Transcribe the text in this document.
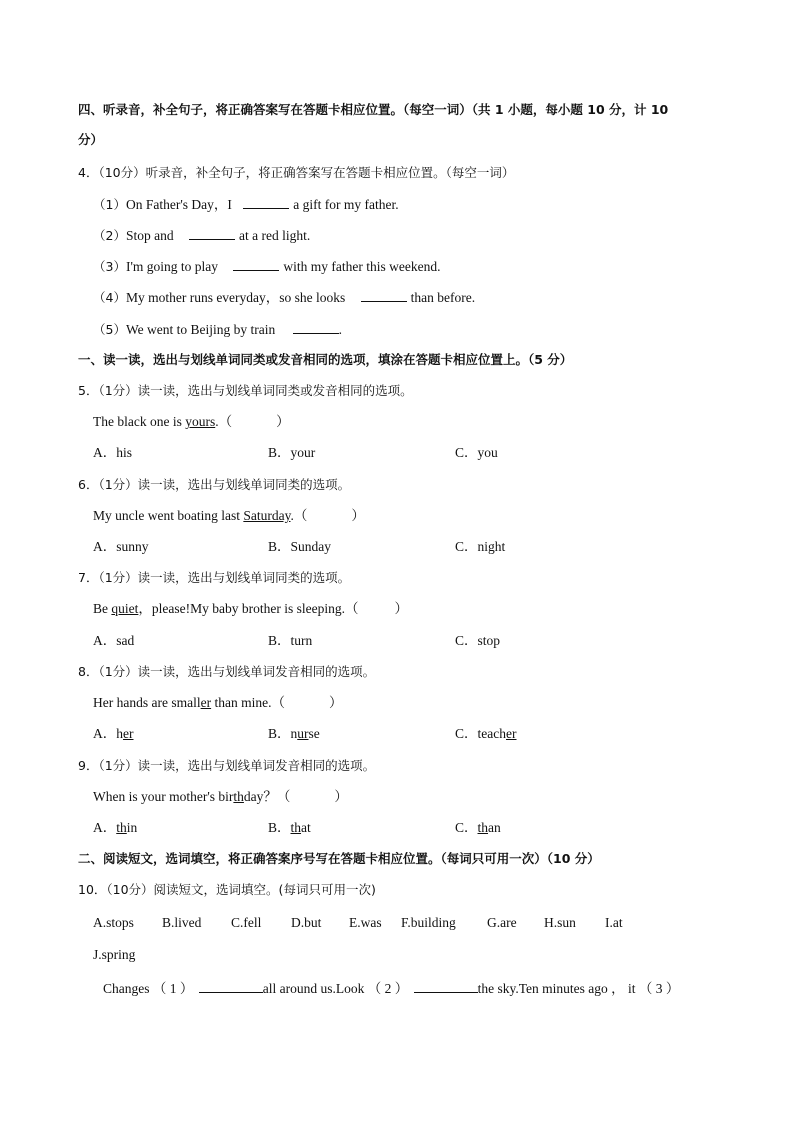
四、听录音，补全句子，将正确答案写在答题卡相应位置。（每空一词）（共 1 小题，每小题 10 分，计 10
分）
4．（10分）听录音，补全句子，将正确答案写在答题卡相应位置。（每空一词）
（1）On Father's Day，I	a gift for my father.
（2）Stop and	at a red light.
（3）I'm going to play	with my father this weekend.
（4）My mother runs everyday，so she looks	than before.
（5）We went to Beijing by train	.
一、读一读，选出与划线单词同类或发音相同的选项，填涂在答题卡相应位置上。（5 分）
5．（1分）读一读，选出与划线单词同类或发音相同的选项。
The black one is yours.（	）
A．his	B．your	C．you
6．（1分）读一读，选出与划线单词同类的选项。
My uncle went boating last Saturday.（	）
A．sunny	B．Sunday	C．night
7．（1分）读一读，选出与划线单词同类的选项。
Be quiet，please!My baby brother is sleeping.（	）
A．sad	B．turn	C．stop
8．（1分）读一读，选出与划线单词发音相同的选项。
Her hands are smaller than mine.（	）
A．her	B．nurse	C．teacher
9．（1分）读一读，选出与划线单词发音相同的选项。
When is your mother's birthday？（	）
A．thin	B．that	C．than
二、阅读短文，选词填空，将正确答案序号写在答题卡相应位置。（每词只可用一次）（10 分）
10．（10分）阅读短文，选词填空。(每词只可用一次)
A.stops B.lived C.fell D.but E.was F.building G.are H.sun I.at
J.spring
Changes （ 1 ）	all around us.Look （ 2 ）	the sky.Ten minutes ago ， it （ 3 ）
